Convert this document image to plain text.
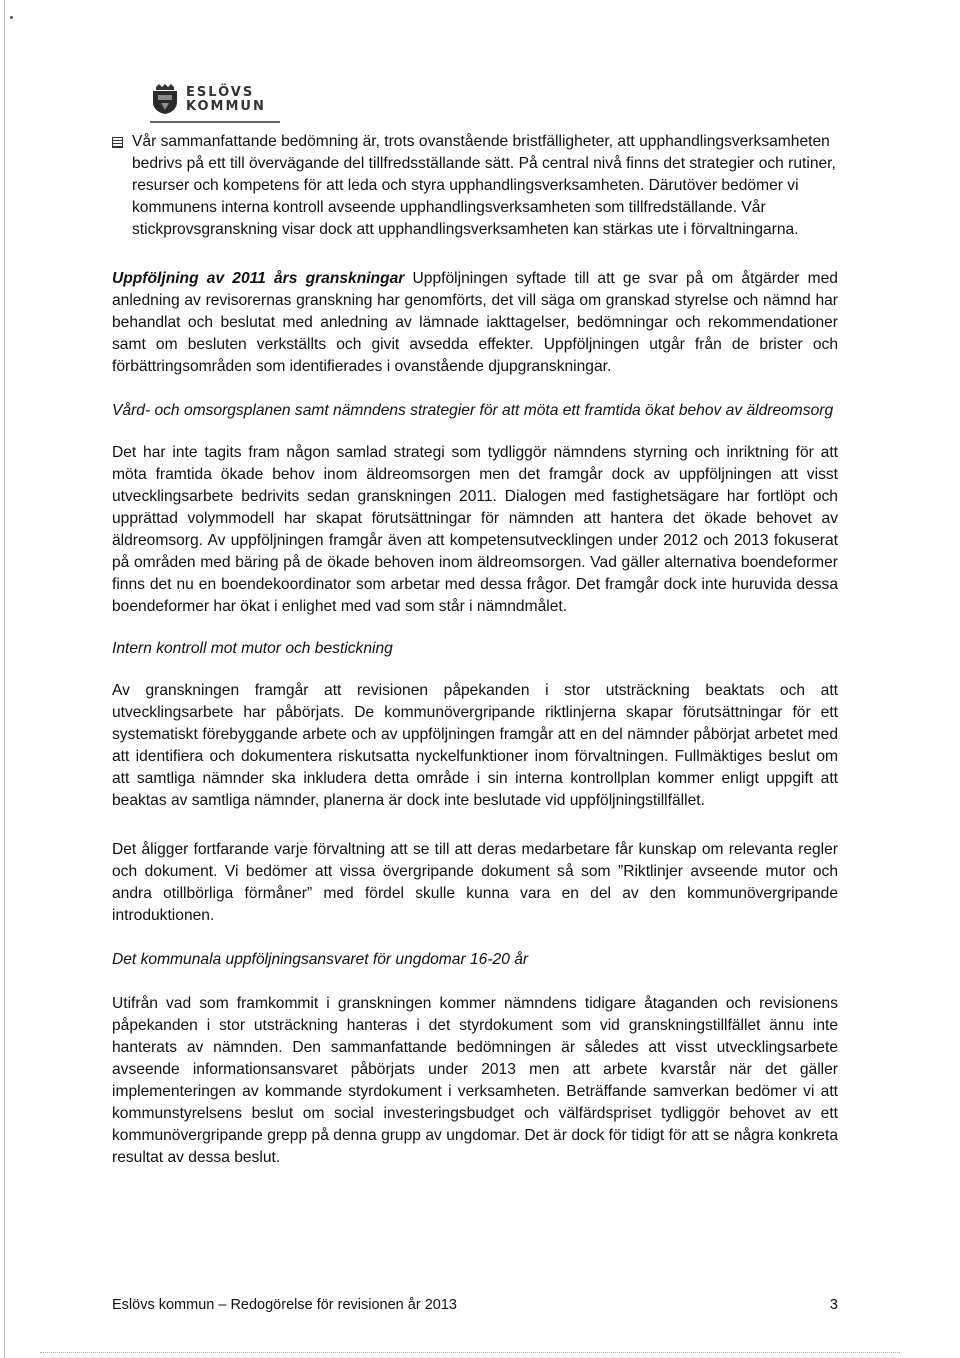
ESLÖVS
KOMMUN

Vår sammanfattande bedömning är, trots ovanstående bristfälligheter, att upphandlingsverksamheten bedrivs på ett till övervägande del tillfredsställande sätt. På central nivå finns det strategier och rutiner, resurser och kompetens för att leda och styra upphandlingsverksamheten. Därutöver bedömer vi kommunens interna kontroll avseende upphandlingsverksamheten som tillfredställande. Vår stickprovsgranskning visar dock att upphandlingsverksamheten kan stärkas ute i förvaltningarna.

Uppföljning av 2011 års granskningar Uppföljningen syftade till att ge svar på om åtgärder med anledning av revisorernas granskning har genomförts, det vill säga om granskad styrelse och nämnd har behandlat och beslutat med anledning av lämnade iakttagelser, bedömningar och rekommendationer samt om besluten verkställts och givit avsedda effekter. Uppföljningen utgår från de brister och förbättringsområden som identifierades i ovanstående djupgranskningar.

Vård- och omsorgsplanen samt nämndens strategier för att möta ett framtida ökat behov av äldreomsorg

Det har inte tagits fram någon samlad strategi som tydliggör nämndens styrning och inriktning för att möta framtida ökade behov inom äldreomsorgen men det framgår dock av uppföljningen att visst utvecklingsarbete bedrivits sedan granskningen 2011. Dialogen med fastighetsägare har fortlöpt och upprättad volymmodell har skapat förutsättningar för nämnden att hantera det ökade behovet av äldreomsorg. Av uppföljningen framgår även att kompetensutvecklingen under 2012 och 2013 fokuserat på områden med bäring på de ökade behoven inom äldreomsorgen. Vad gäller alternativa boendeformer finns det nu en boendekoordinator som arbetar med dessa frågor. Det framgår dock inte huruvida dessa boendeformer har ökat i enlighet med vad som står i nämndmålet.

Intern kontroll mot mutor och bestickning

Av granskningen framgår att revisionen påpekanden i stor utsträckning beaktats och att utvecklingsarbete har påbörjats. De kommunövergripande riktlinjerna skapar förutsättningar för ett systematiskt förebyggande arbete och av uppföljningen framgår att en del nämnder påbörjat arbetet med att identifiera och dokumentera riskutsatta nyckelfunktioner inom förvaltningen. Fullmäktiges beslut om att samtliga nämnder ska inkludera detta område i sin interna kontrollplan kommer enligt uppgift att beaktas av samtliga nämnder, planerna är dock inte beslutade vid uppföljningstillfället.

Det åligger fortfarande varje förvaltning att se till att deras medarbetare får kunskap om relevanta regler och dokument. Vi bedömer att vissa övergripande dokument så som ”Riktlinjer avseende mutor och andra otillbörliga förmåner” med fördel skulle kunna vara en del av den kommunövergripande introduktionen.

Det kommunala uppföljningsansvaret för ungdomar 16-20 år

Utifrån vad som framkommit i granskningen kommer nämndens tidigare åtaganden och revisionens påpekanden i stor utsträckning hanteras i det styrdokument som vid granskningstillfället ännu inte hanterats av nämnden. Den sammanfattande bedömningen är således att visst utvecklingsarbete avseende informationsansvaret påbörjats under 2013 men att arbete kvarstår när det gäller implementeringen av kommande styrdokument i verksamheten. Beträffande samverkan bedömer vi att kommunstyrelsens beslut om social investeringsbudget och välfärdspriset tydliggör behovet av ett kommunövergripande grepp på denna grupp av ungdomar. Det är dock för tidigt för att se några konkreta resultat av dessa beslut.

Eslövs kommun – Redogörelse för revisionen år 2013	3
